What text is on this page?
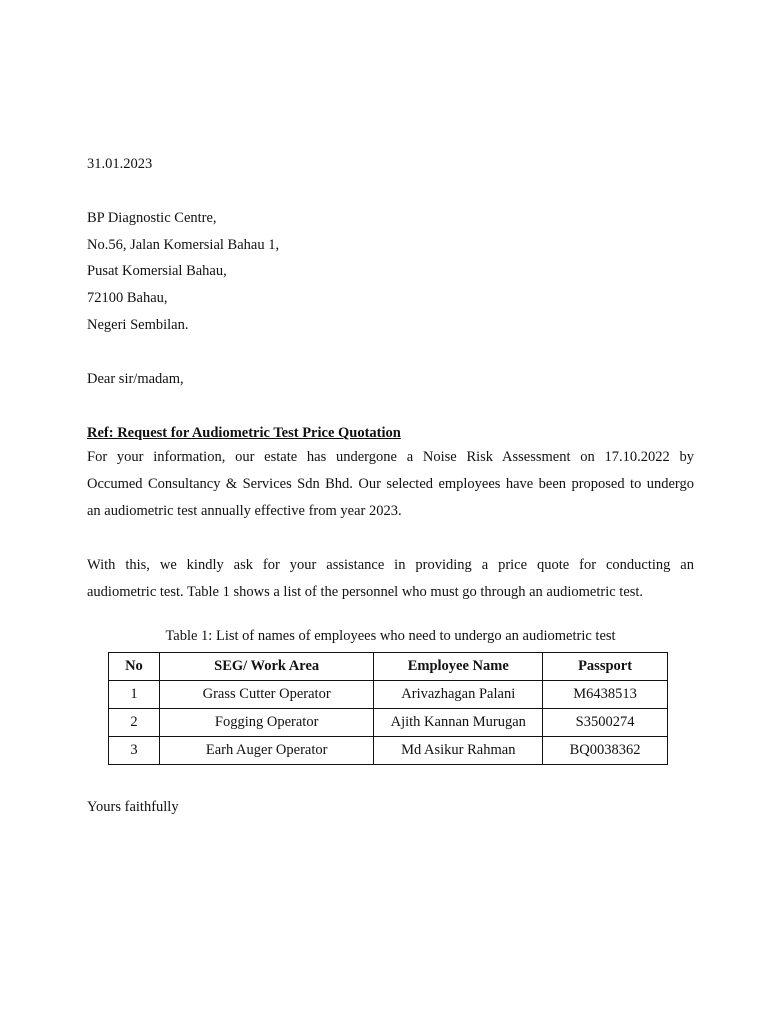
31.01.2023
BP Diagnostic Centre,
No.56, Jalan Komersial Bahau 1,
Pusat Komersial Bahau,
72100 Bahau,
Negeri Sembilan.
Dear sir/madam,
Ref: Request for Audiometric Test Price Quotation
For your information, our estate has undergone a Noise Risk Assessment on 17.10.2022 by
Occumed Consultancy & Services Sdn Bhd. Our selected employees have been proposed to undergo
an audiometric test annually effective from year 2023.
With this, we kindly ask for your assistance in providing a price quote for conducting an
audiometric test. Table 1 shows a list of the personnel who must go through an audiometric test.
Table 1: List of names of employees who need to undergo an audiometric test
No	SEG/ Work Area	Employee Name	Passport
1	Grass Cutter Operator	Arivazhagan Palani	M6438513
2	Fogging Operator	Ajith Kannan Murugan	S3500274
3	Earh Auger Operator	Md Asikur Rahman	BQ0038362
Yours faithfully
